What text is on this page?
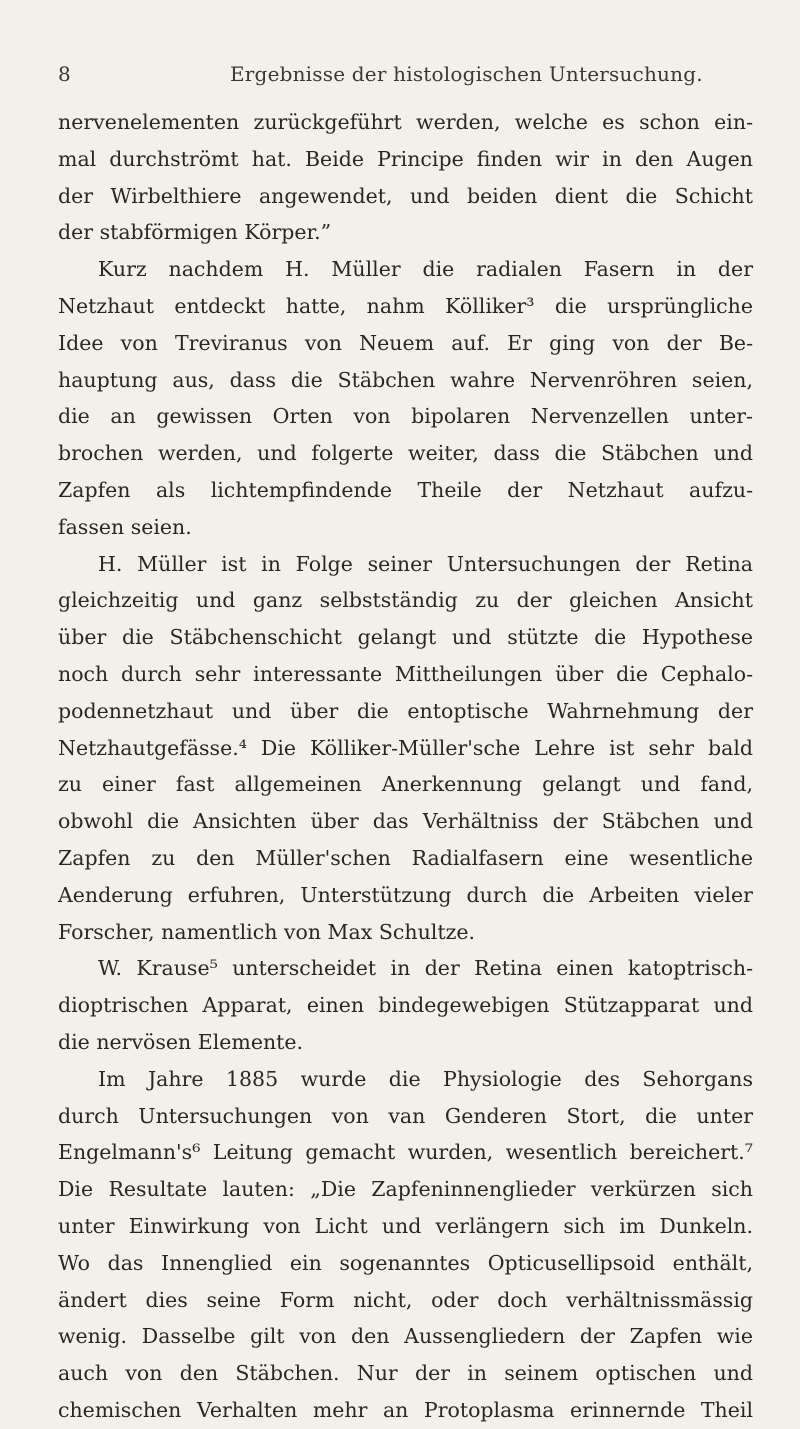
8	Ergebnisse der histologischen Untersuchung.
nervenelementen zurückgeführt werden, welche es schon ein-
mal durchströmt hat. Beide Principe finden wir in den Augen
der Wirbelthiere angewendet, und beiden dient die Schicht
der stabförmigen Körper.”
Kurz nachdem H. Müller die radialen Fasern in der
Netzhaut entdeckt hatte, nahm Kölliker³ die ursprüngliche
Idee von Treviranus von Neuem auf. Er ging von der Be-
hauptung aus, dass die Stäbchen wahre Nervenröhren seien,
die an gewissen Orten von bipolaren Nervenzellen unter-
brochen werden, und folgerte weiter, dass die Stäbchen und
Zapfen als lichtempfindende Theile der Netzhaut aufzu-
fassen seien.
H. Müller ist in Folge seiner Untersuchungen der Retina
gleichzeitig und ganz selbstständig zu der gleichen Ansicht
über die Stäbchenschicht gelangt und stützte die Hypothese
noch durch sehr interessante Mittheilungen über die Cephalo-
podennetzhaut und über die entoptische Wahrnehmung der
Netzhautgefässe.⁴ Die Kölliker-Müller'sche Lehre ist sehr bald
zu einer fast allgemeinen Anerkennung gelangt und fand,
obwohl die Ansichten über das Verhältniss der Stäbchen und
Zapfen zu den Müller'schen Radialfasern eine wesentliche
Aenderung erfuhren, Unterstützung durch die Arbeiten vieler
Forscher, namentlich von Max Schultze.
W. Krause⁵ unterscheidet in der Retina einen katoptrisch-
dioptrischen Apparat, einen bindegewebigen Stützapparat und
die nervösen Elemente.
Im Jahre 1885 wurde die Physiologie des Sehorgans
durch Untersuchungen von van Genderen Stort, die unter
Engelmann's⁶ Leitung gemacht wurden, wesentlich bereichert.⁷
Die Resultate lauten: „Die Zapfeninnenglieder verkürzen sich
unter Einwirkung von Licht und verlängern sich im Dunkeln.
Wo das Innenglied ein sogenanntes Opticusellipsoid enthält,
ändert dies seine Form nicht, oder doch verhältnissmässig
wenig. Dasselbe gilt von den Aussengliedern der Zapfen wie
auch von den Stäbchen. Nur der in seinem optischen und
chemischen Verhalten mehr an Protoplasma erinnernde Theil
